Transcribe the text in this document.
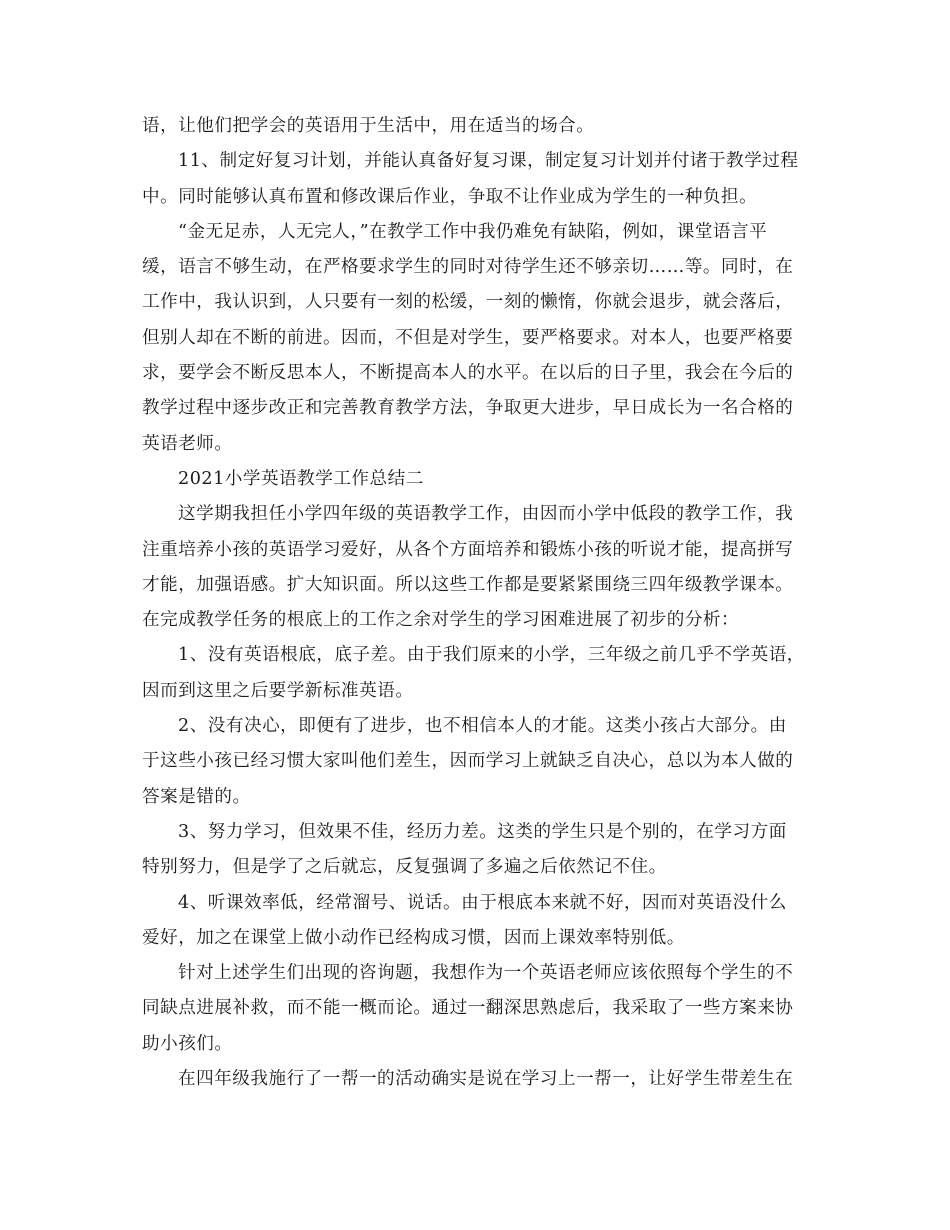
语，让他们把学会的英语用于生活中，用在适当的场合。
11、制定好复习计划，并能认真备好复习课，制定复习计划并付诸于教学过程
中。同时能够认真布置和修改课后作业，争取不让作业成为学生的一种负担。
“金无足赤，人无完人，”在教学工作中我仍难免有缺陷，例如，课堂语言平
缓，语言不够生动，在严格要求学生的同时对待学生还不够亲切……等。同时，在
工作中，我认识到，人只要有一刻的松缓，一刻的懒惰，你就会退步，就会落后，
但别人却在不断的前进。因而，不但是对学生，要严格要求。对本人，也要严格要
求，要学会不断反思本人，不断提高本人的水平。在以后的日子里，我会在今后的
教学过程中逐步改正和完善教育教学方法，争取更大进步，早日成长为一名合格的
英语老师。
2021小学英语教学工作总结二
这学期我担任小学四年级的英语教学工作，由因而小学中低段的教学工作，我
注重培养小孩的英语学习爱好，从各个方面培养和锻炼小孩的听说才能，提高拼写
才能，加强语感。扩大知识面。所以这些工作都是要紧紧围绕三四年级教学课本。
在完成教学任务的根底上的工作之余对学生的学习困难进展了初步的分析：
1、没有英语根底，底子差。由于我们原来的小学，三年级之前几乎不学英语，
因而到这里之后要学新标准英语。
2、没有决心，即便有了进步，也不相信本人的才能。这类小孩占大部分。由
于这些小孩已经习惯大家叫他们差生，因而学习上就缺乏自决心，总以为本人做的
答案是错的。
3、努力学习，但效果不佳，经历力差。这类的学生只是个别的，在学习方面
特别努力，但是学了之后就忘，反复强调了多遍之后依然记不住。
4、听课效率低，经常溜号、说话。由于根底本来就不好，因而对英语没什么
爱好，加之在课堂上做小动作已经构成习惯，因而上课效率特别低。
针对上述学生们出现的咨询题，我想作为一个英语老师应该依照每个学生的不
同缺点进展补救，而不能一概而论。通过一翻深思熟虑后，我采取了一些方案来协
助小孩们。
在四年级我施行了一帮一的活动确实是说在学习上一帮一，让好学生带差生在
